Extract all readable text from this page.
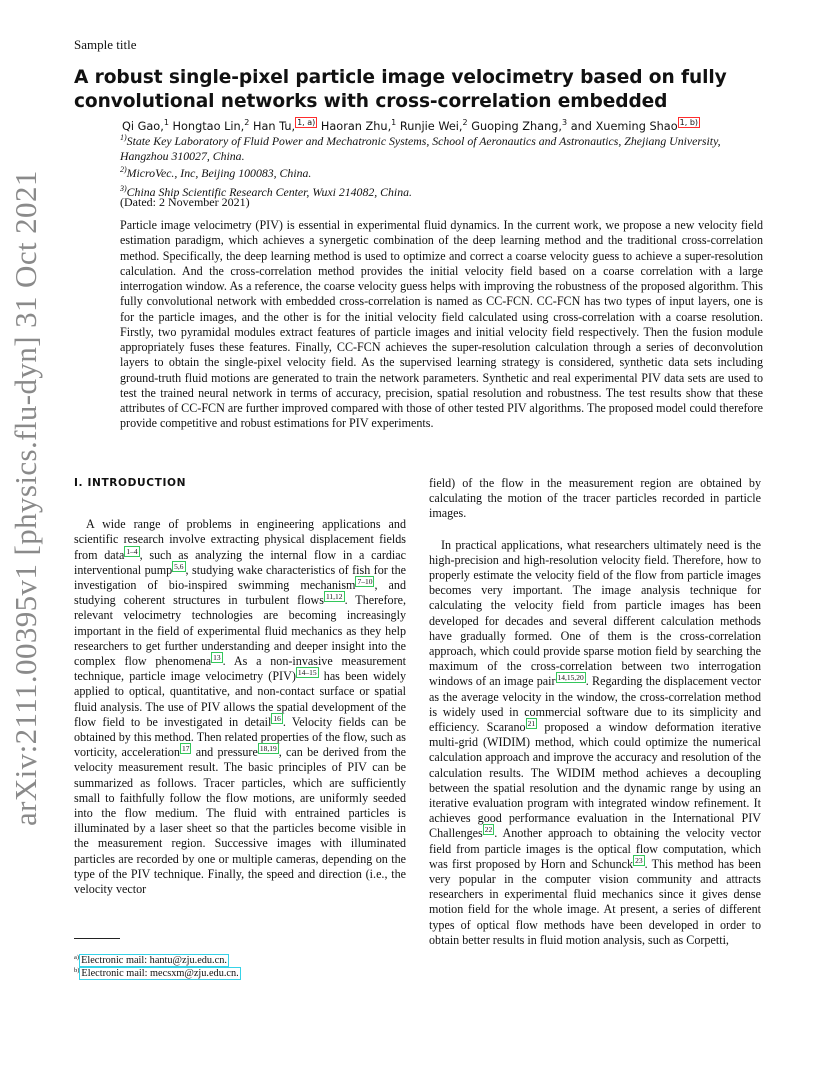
Sample title
arXiv:2111.00395v1 [physics.flu-dyn] 31 Oct 2021
A robust single-pixel particle image velocimetry based on fully convolutional networks with cross-correlation embedded
Qi Gao,$^1$ Hongtao Lin,$^2$ Han Tu, $^{1, a)}$ Haoran Zhu,$^1$ Runjie Wei,$^2$ Guoping Zhang,$^3$ and Xueming Shao $^{1, b)}$
$^{1)}$State Key Laboratory of Fluid Power and Mechatronic Systems, School of Aeronautics and Astronautics, Zhejiang University, Hangzhou 310027, China.
$^{2)}$MicroVec., Inc, Beijing 100083, China.
$^{3)}$China Ship Scientific Research Center, Wuxi 214082, China.
(Dated: 2 November 2021)

Particle image velocimetry (PIV) is essential in experimental fluid dynamics. In the current work, we propose a new velocity field estimation paradigm, which achieves a synergetic combination of the deep learning method and the traditional cross-correlation method. Specifically, the deep learning method is used to optimize and correct a coarse velocity guess to achieve a super-resolution calculation. And the cross-correlation method provides the initial velocity field based on a coarse correlation with a large interrogation window. As a reference, the coarse velocity guess helps with improving the robustness of the proposed algorithm. This fully convolutional network with embedded cross-correlation is named as CC-FCN. CC-FCN has two types of input layers, one is for the particle images, and the other is for the initial velocity field calculated using cross-correlation with a coarse resolution. Firstly, two pyramidal modules extract features of particle images and initial velocity field respectively. Then the fusion module appropriately fuses these features. Finally, CC-FCN achieves the super-resolution calculation through a series of deconvolution layers to obtain the single-pixel velocity field. As the supervised learning strategy is considered, synthetic data sets including ground-truth fluid motions are generated to train the network parameters. Synthetic and real experimental PIV data sets are used to test the trained neural network in terms of accuracy, precision, spatial resolution and robustness. The test results show that these attributes of CC-FCN are further improved compared with those of other tested PIV algorithms. The proposed model could therefore provide competitive and robust estimations for PIV experiments.

I. INTRODUCTION

A wide range of problems in engineering applications and scientific research involve extracting physical displacement fields from data $^{1-4}$ , such as analyzing the internal flow in a cardiac interventional pump $^{5,6}$ , studying wake characteristics of fish for the investigation of bio-inspired swimming mechanism $^{7-10}$ , and studying coherent structures in turbulent flows $^{11,12}$ . Therefore, relevant velocimetry technologies are becoming increasingly important in the field of experimental fluid mechanics as they help researchers to get further understanding and deeper insight into the complex flow phenomena $^{13}$ . As a non-invasive measurement technique, particle image velocimetry (PIV) $^{14-15}$ has been widely applied to optical, quantitative, and non-contact surface or spatial fluid analysis. The use of PIV allows the spatial development of the flow field to be investigated in detail $^{16}$ . Velocity fields can be obtained by this method. Then related properties of the flow, such as vorticity, acceleration $^{17}$ and pressure $^{18,19}$ , can be derived from the velocity measurement result. The basic principles of PIV can be summarized as follows. Tracer particles, which are sufficiently small to faithfully follow the flow motions, are uniformly seeded into the flow medium. The fluid with entrained particles is illuminated by a laser sheet so that the particles become visible in the measurement region. Successive images with illuminated particles are recorded by one or multiple cameras, depending on the type of the PIV technique. Finally, the speed and direction (i.e., the velocity vector

field) of the flow in the measurement region are obtained by calculating the motion of the tracer particles recorded in particle images.

In practical applications, what researchers ultimately need is the high-precision and high-resolution velocity field. Therefore, how to properly estimate the velocity field of the flow from particle images becomes very important. The image analysis technique for calculating the velocity field from particle images has been developed for decades and several different calculation methods have gradually formed. One of them is the cross-correlation approach, which could provide sparse motion field by searching the maximum of the cross-correlation between two interrogation windows of an image pair $^{14,15,20}$ . Regarding the displacement vector as the average velocity in the window, the cross-correlation method is widely used in commercial software due to its simplicity and efficiency. Scarano $^{21}$ proposed a window deformation iterative multi-grid (WIDIM) method, which could optimize the numerical calculation approach and improve the accuracy and resolution of the calculation results. The WIDIM method achieves a decoupling between the spatial resolution and the dynamic range by using an iterative evaluation program with integrated window refinement. It achieves good performance evaluation in the International PIV Challenges $^{22}$ . Another approach to obtaining the velocity vector field from particle images is the optical flow computation, which was first proposed by Horn and Schunck $^{23}$ . This method has been very popular in the computer vision community and attracts researchers in experimental fluid mechanics since it gives dense motion field for the whole image. At present, a series of different types of optical flow methods have been developed in order to obtain better results in fluid motion analysis, such as Corpetti,

$^{a)}$ Electronic mail: hantu@zju.edu.cn.
$^{b)}$ Electronic mail: mecsxm@zju.edu.cn.
